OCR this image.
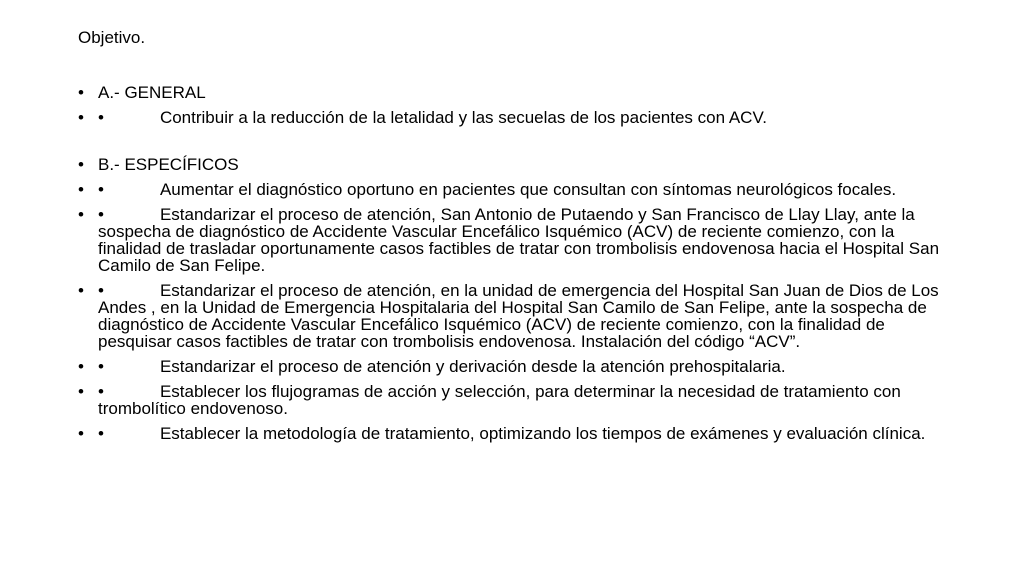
Objetivo.
• A.- GENERAL
• •	Contribuir a la reducción de la letalidad y las secuelas de los pacientes con ACV.
• B.- ESPECÍFICOS
• •	Aumentar el diagnóstico oportuno en pacientes que consultan con síntomas neurológicos focales.
• •	Estandarizar el proceso de atención, San Antonio de Putaendo y San Francisco de Llay Llay, ante la sospecha de diagnóstico de Accidente Vascular Encefálico Isquémico (ACV) de reciente comienzo, con la finalidad de trasladar oportunamente casos factibles de tratar con trombolisis endovenosa hacia el Hospital San Camilo de San Felipe.
• •	Estandarizar el proceso de atención, en la unidad de emergencia del Hospital San Juan de Dios de Los Andes , en la Unidad de Emergencia Hospitalaria del Hospital San Camilo de San Felipe, ante la sospecha de diagnóstico de Accidente Vascular Encefálico Isquémico (ACV) de reciente comienzo, con la finalidad de pesquisar casos factibles de tratar con trombolisis endovenosa. Instalación del código “ACV”.
• •	Estandarizar el proceso de atención y derivación desde la atención prehospitalaria.
• •	Establecer los flujogramas de acción y selección, para determinar la necesidad de tratamiento con trombolítico endovenoso.
• •	Establecer la metodología de tratamiento, optimizando los tiempos de exámenes y evaluación clínica.
